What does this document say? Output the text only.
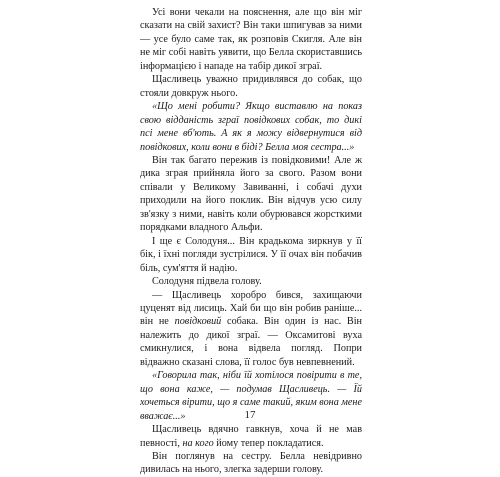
Усі вони чекали на пояснення, але що він міг сказати на свій захист? Він таки шпигував за ними — усе було саме так, як розповів Скигля. Але він не міг собі навіть уявити, що Белла скориставшись інформацією і нападе на табір дикої зграї.

Щасливець уважно придивлявся до собак, що стояли довкруж нього.

«Що мені робити? Якщо виставлю на показ свою відданість зграї повідкових собак, то дикі псі мене вб'ють. А як я можу відвернутися від повідкових, коли вони в біді? Белла моя сестра...»

Він так багато пережив із повідковими! Але ж дика зграя прийняла його за свого. Разом вони співали у Великому Завиванні, і собачі духи приходили на його поклик. Він відчув усю силу зв'язку з ними, навіть коли обурювався жорсткими порядками владного Альфи.

І ще є Солодуня... Він крадькома зиркнув у її бік, і їхні погляди зустрілися. У її очах він побачив біль, сум'яття й надію.

Солодуня підвела голову.

— Щасливець хоробро бився, захищаючи цуценят від лисиць. Хай би що він робив раніше... він не повідковий собака. Він один із нас. Він належить до дикої зграї. — Оксамитові вуха смикнулися, і вона відвела погляд. Попри відважно сказані слова, її голос був невпевнений.

«Говорила так, ніби їй хотілося повірити в те, що вона каже, — подумав Щасливець. — Їй хочеться вірити, що я саме такий, яким вона мене вважає...»

Щасливець вдячно гавкнув, хоча й не мав певності, на кого йому тепер покладатися.

Він поглянув на сестру. Белла невідривно дивилась на нього, злегка задерши голову.

17
